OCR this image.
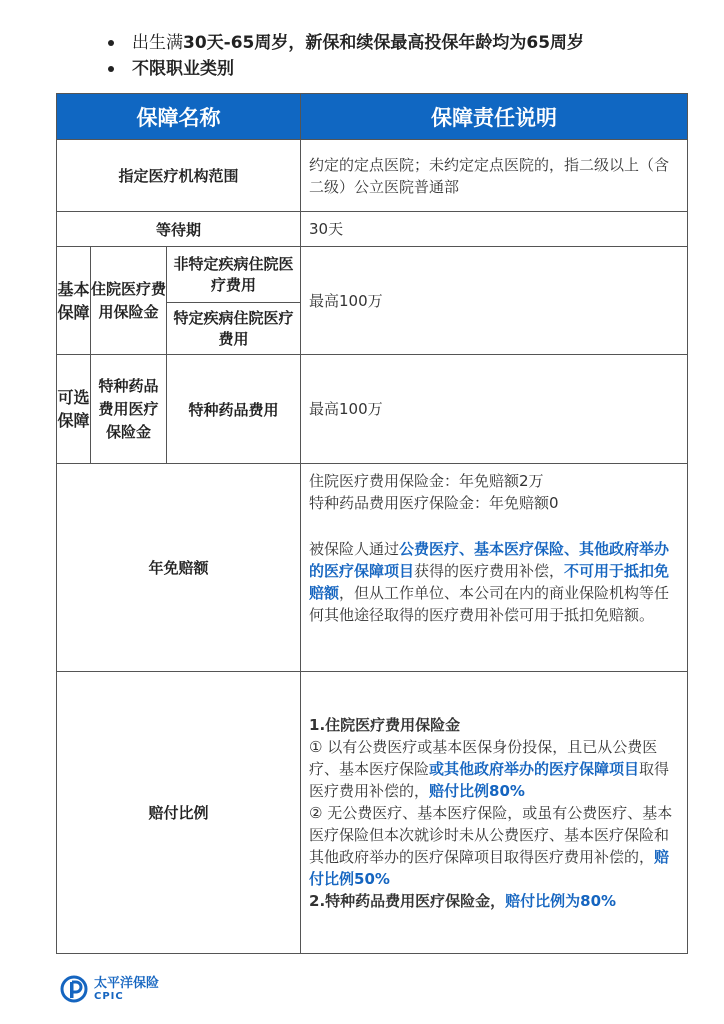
出生满 30天-65周岁，新保和续保最高投保年龄均为65周岁
不限职业类别
保障名称			保障责任说明
指定医疗机构范围			约定的定点医院；未约定定点医院的，指二级以上（含二级）公立医院普通部
等待期			30天
基本保障	住院医疗费用保险金	非特定疾病住院医疗费用	最高100万
		特定疾病住院医疗费用	
可选保障	特种药品费用医疗保险金	特种药品费用	最高100万
年免赔额			住院医疗费用保险金：年免赔额2万

特种药品费用医疗保险金：年免赔额0

被保险人通过公费医疗、基本医疗保险、其他政府举办的医疗保障项目获得的医疗费用补偿，不可用于抵扣免赔额，但从工作单位、本公司在内的商业保险机构等任何其他途径取得的医疗费用补偿可用于抵扣免赔额。

赔付比例			1.住院医疗费用保险金

① 以有公费医疗或基本医保身份投保，且已从公费医疗、基本医疗保险或其他政府举办的医疗保障项目取得医疗费用补偿的，赔付比例80%

② 无公费医疗、基本医疗保险，或虽有公费医疗、基本医疗保险但本次就诊时未从公费医疗、基本医疗保险和其他政府举办的医疗保障项目取得医疗费用补偿的，赔付比例50%

2.特种药品费用医疗保险金，赔付比例为80%

太平洋保险
CPIC
